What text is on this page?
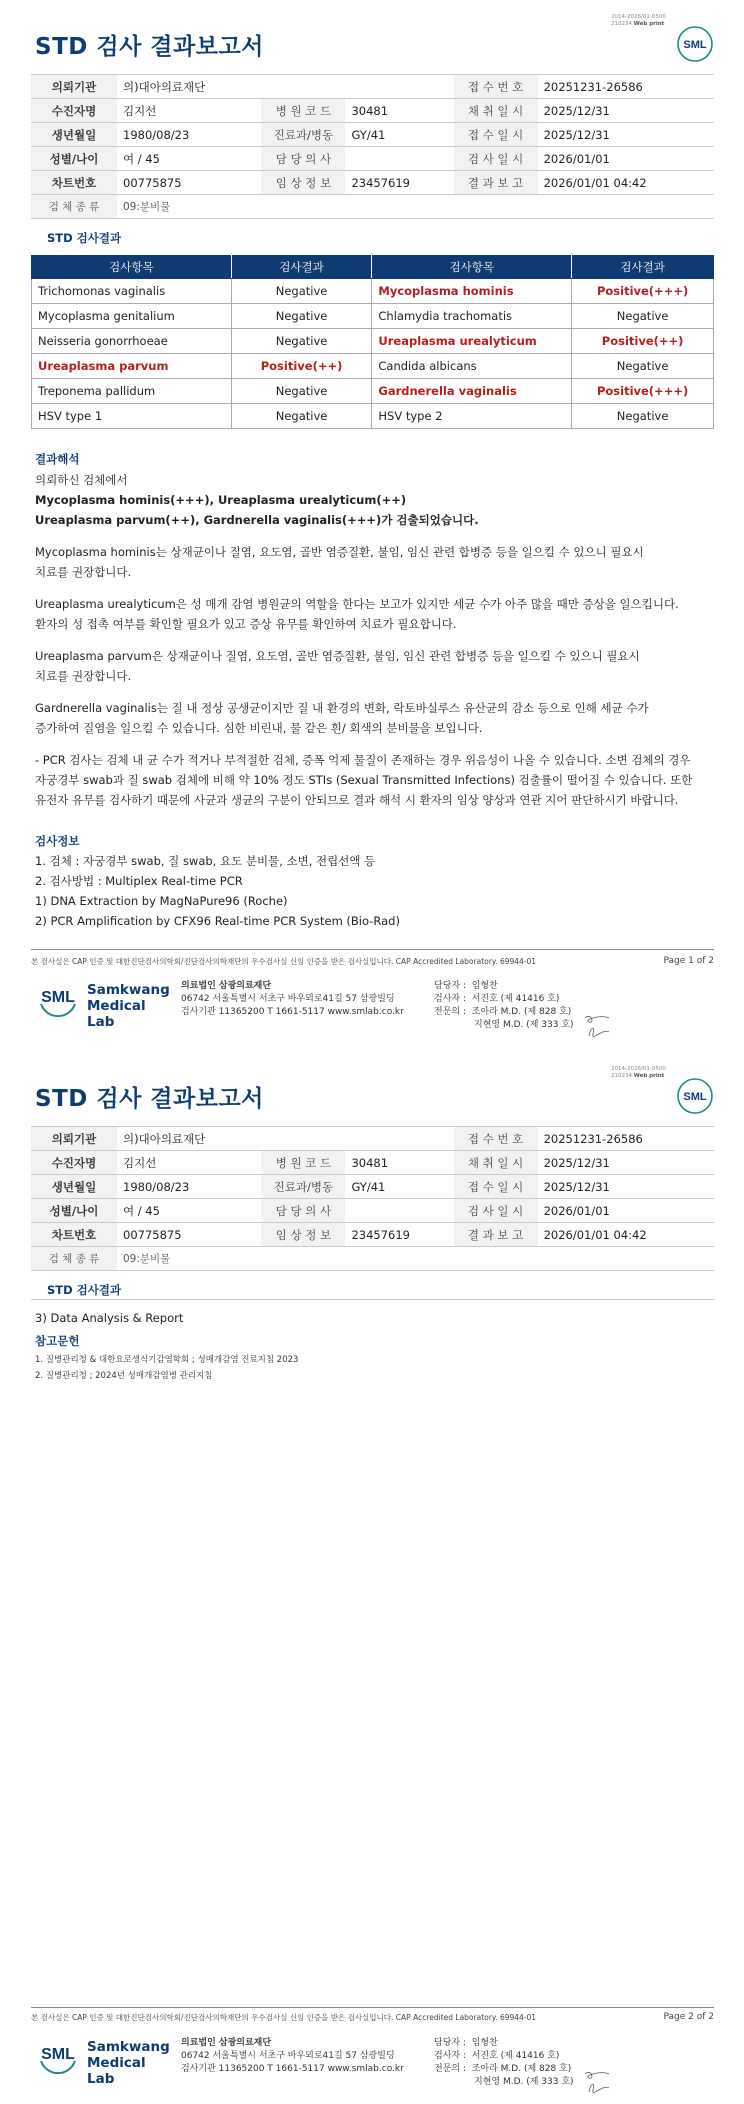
2014-2026/01-0500
210234 Web print
STD 검사 결과보고서	SML
의뢰기관	의)대아의료재단			접 수 번 호	20251231-26586
수진자명	김지선	병 원 코 드	30481	채 취 일 시	2025/12/31
생년월일	1980/08/23	진료과/병동	GY/41	접 수 일 시	2025/12/31
성별/나이	여 / 45	담 당 의 사		검 사 일 시	2026/01/01
차트번호	00775875	임 상 정 보	23457619	결 과 보 고	2026/01/01 04:42
검 체 종 류	09:분비물				
STD 검사결과
검사항목	검사결과	검사항목	검사결과
Trichomonas vaginalis	Negative	Mycoplasma hominis	Positive(+++)
Mycoplasma genitalium	Negative	Chlamydia trachomatis	Negative
Neisseria gonorrhoeae	Negative	Ureaplasma urealyticum	Positive(++)
Ureaplasma parvum	Positive(++)	Candida albicans	Negative
Treponema pallidum	Negative	Gardnerella vaginalis	Positive(+++)
HSV type 1	Negative	HSV type 2	Negative
결과해석
의뢰하신 검체에서
Mycoplasma hominis(+++), Ureaplasma urealyticum(++)
Ureaplasma parvum(++), Gardnerella vaginalis(+++)가 검출되었습니다.
Mycoplasma hominis는 상재균이나 질염, 요도염, 골반 염증질환, 불임, 임신 관련 합병증 등을 일으킬 수 있으니 필요시
치료를 권장합니다.
Ureaplasma urealyticum은 성 매개 감염 병원균의 역할을 한다는 보고가 있지만 세균 수가 아주 많을 때만 증상을 일으킵니다.
환자의 성 접촉 여부를 확인할 필요가 있고 증상 유무를 확인하여 치료가 필요합니다.
Ureaplasma parvum은 상재균이나 질염, 요도염, 골반 염증질환, 불임, 임신 관련 합병증 등을 일으킬 수 있으니 필요시
치료를 권장합니다.
Gardnerella vaginalis는 질 내 정상 공생균이지만 질 내 환경의 변화, 락토바실루스 유산균의 감소 등으로 인해 세균 수가
증가하여 질염을 일으킬 수 있습니다. 심한 비린내, 물 같은 흰/ 회색의 분비물을 보입니다.
- PCR 검사는 검체 내 균 수가 적거나 부적절한 검체, 증폭 억제 물질이 존재하는 경우 위음성이 나올 수 있습니다. 소변 검체의 경우
자궁경부 swab과 질 swab 검체에 비해 약 10% 정도 STIs (Sexual Transmitted Infections) 검출률이 떨어질 수 있습니다. 또한
유전자 유무를 검사하기 때문에 사균과 생균의 구분이 안되므로 결과 해석 시 환자의 임상 양상과 연관 지어 판단하시기 바랍니다.
검사정보
1. 검체 : 자궁경부 swab, 질 swab, 요도 분비물, 소변, 전립선액 등
2. 검사방법 : Multiplex Real-time PCR
1) DNA Extraction by MagNaPure96 (Roche)
2) PCR Amplification by CFX96 Real-time PCR System (Bio-Rad)
본 검사실은 CAP 인증 및 대한진단검사의학회/진단검사의학재단의 우수검사실 신임 인증을 받은 검사실입니다. CAP Accredited Laboratory. 69944-01	Page 1 of 2
SML Samkwang
Medical Lab
의료법인 삼광의료재단
06742 서울특별시 서초구 바우뫼로41길 57 삼광빌딩
검사기관 11365200 T 1661-5117 www.smlab.co.kr
담당자 : 임형찬
검사자 : 서진호 (제 41416 호)
전문의 : 조아라 M.D. (제 828 호)
지현영 M.D. (제 333 호)
2014-2026/01-0500
210234 Web print
STD 검사 결과보고서	SML
의뢰기관	의)대아의료재단			접 수 번 호	20251231-26586
수진자명	김지선	병 원 코 드	30481	채 취 일 시	2025/12/31
생년월일	1980/08/23	진료과/병동	GY/41	접 수 일 시	2025/12/31
성별/나이	여 / 45	담 당 의 사		검 사 일 시	2026/01/01
차트번호	00775875	임 상 정 보	23457619	결 과 보 고	2026/01/01 04:42
검 체 종 류	09:분비물				
STD 검사결과
3) Data Analysis & Report
참고문헌
1. 질병관리청 & 대한요로생식기감염학회 ; 성매개감염 진료지침 2023
2. 질병관리청 ; 2024년 성매개감염병 관리지침
본 검사실은 CAP 인증 및 대한진단검사의학회/진단검사의학재단의 우수검사실 신임 인증을 받은 검사실입니다. CAP Accredited Laboratory. 69944-01	Page 2 of 2
SML Samkwang
Medical Lab
의료법인 삼광의료재단
06742 서울특별시 서초구 바우뫼로41길 57 삼광빌딩
검사기관 11365200 T 1661-5117 www.smlab.co.kr
담당자 : 임형찬
검사자 : 서진호 (제 41416 호)
전문의 : 조아라 M.D. (제 828 호)
지현영 M.D. (제 333 호)
